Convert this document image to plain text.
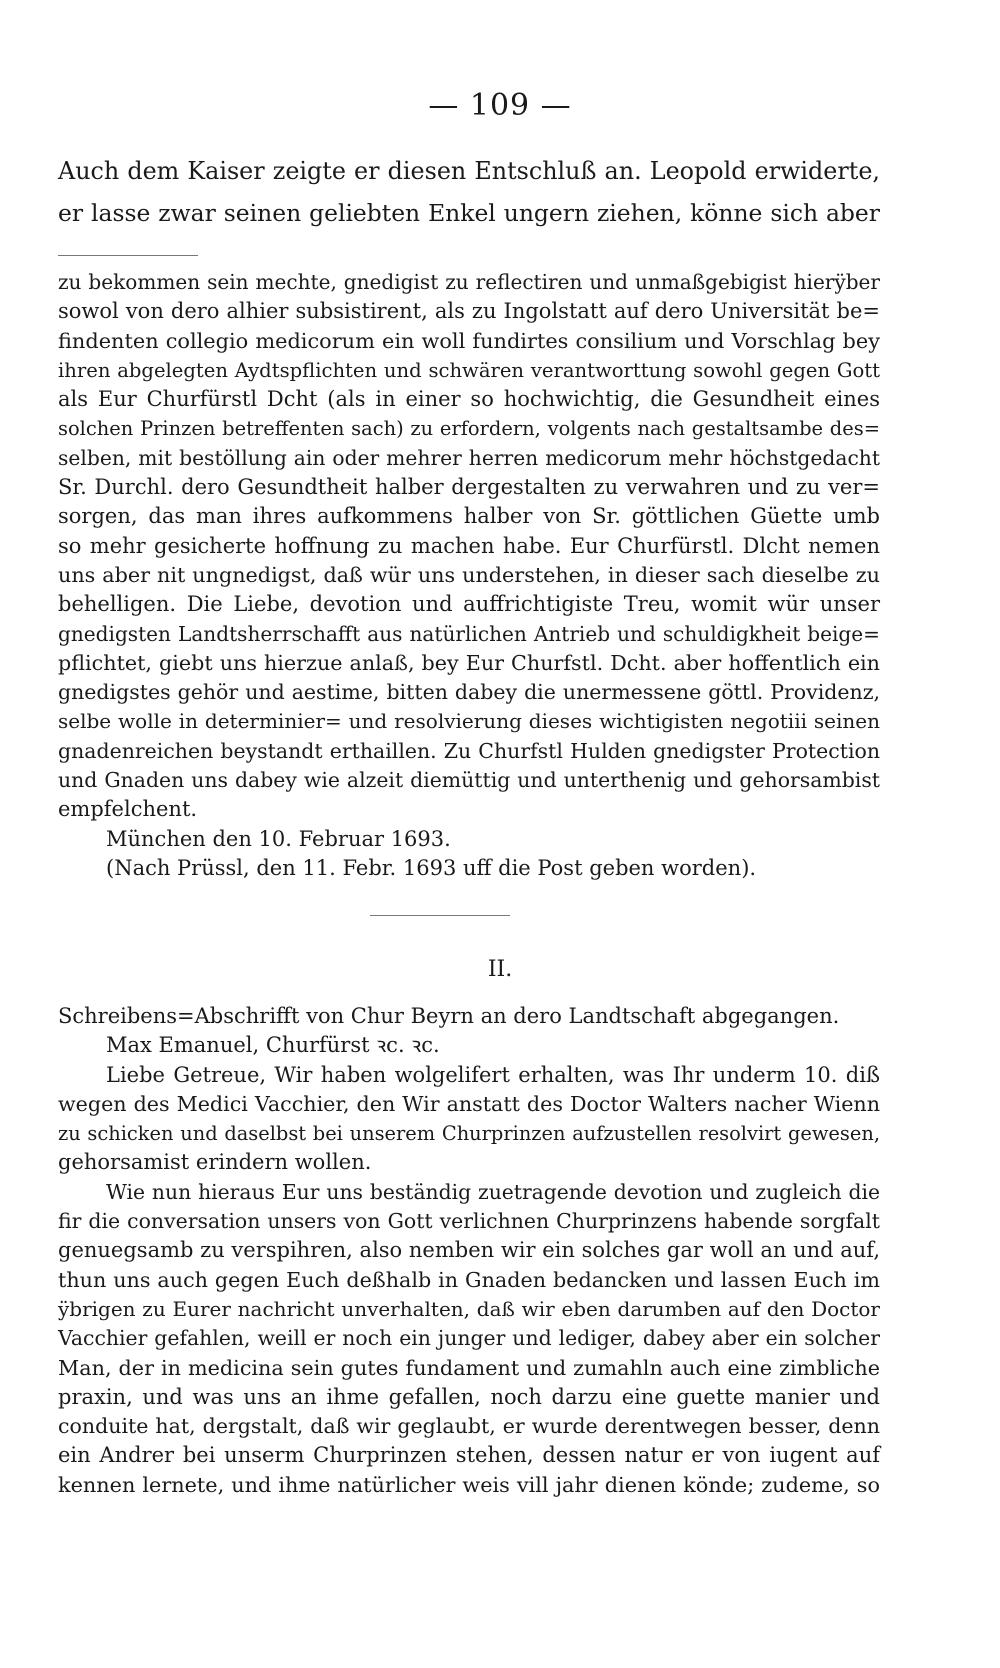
— 109 —
Auch dem Kaiser zeigte er diesen Entschluß an. Leopold erwiderte,
er lasse zwar seinen geliebten Enkel ungern ziehen, könne sich aber
zu bekommen sein mechte, gnedigist zu reflectiren und unmaßgebigist hierÿber
sowol von dero alhier subsistirent, als zu Ingolstatt auf dero Universität be=
findenten collegio medicorum ein woll fundirtes consilium und Vorschlag bey
ihren abgelegten Aydtspflichten und schwären verantworttung sowohl gegen Gott
als Eur Churfürstl Dcht (als in einer so hochwichtig, die Gesundheit eines
solchen Prinzen betreffenten sach) zu erfordern, volgents nach gestaltsambe des=
selben, mit bestöllung ain oder mehrer herren medicorum mehr höchstgedacht
Sr. Durchl. dero Gesundtheit halber dergestalten zu verwahren und zu ver=
sorgen, das man ihres aufkommens halber von Sr. göttlichen Güette umb
so mehr gesicherte hoffnung zu machen habe. Eur Churfürstl. Dlcht nemen
uns aber nit ungnedigst, daß wür uns understehen, in dieser sach dieselbe zu
behelligen. Die Liebe, devotion und auffrichtigiste Treu, womit wür unser
gnedigsten Landtsherrschafft aus natürlichen Antrieb und schuldigkheit beige=
pflichtet, giebt uns hierzue anlaß, bey Eur Churfstl. Dcht. aber hoffentlich ein
gnedigstes gehör und aestime, bitten dabey die unermessene göttl. Providenz,
selbe wolle in determinier= und resolvierung dieses wichtigisten negotiii seinen
gnadenreichen beystandt erthaillen. Zu Churfstl Hulden gnedigster Protection
und Gnaden uns dabey wie alzeit diemüttig und unterthenig und gehorsambist
empfelchent.
München den 10. Februar 1693.
(Nach Prüssl, den 11. Febr. 1693 uff die Post geben worden).
II.
Schreibens=Abschrifft von Chur Beyrn an dero Landtschaft abgegangen.
Max Emanuel, Churfürst ꝛc. ꝛc.
Liebe Getreue, Wir haben wolgelifert erhalten, was Ihr underm 10. diß
wegen des Medici Vacchier, den Wir anstatt des Doctor Walters nacher Wienn
zu schicken und daselbst bei unserem Churprinzen aufzustellen resolvirt gewesen,
gehorsamist erindern wollen.
Wie nun hieraus Eur uns beständig zuetragende devotion und zugleich die
fir die conversation unsers von Gott verlichnen Churprinzens habende sorgfalt
genuegsamb zu verspihren, also nemben wir ein solches gar woll an und auf,
thun uns auch gegen Euch deßhalb in Gnaden bedancken und lassen Euch im
ÿbrigen zu Eurer nachricht unverhalten, daß wir eben darumben auf den Doctor
Vacchier gefahlen, weill er noch ein junger und lediger, dabey aber ein solcher
Man, der in medicina sein gutes fundament und zumahln auch eine zimbliche
praxin, und was uns an ihme gefallen, noch darzu eine guette manier und
conduite hat, dergstalt, daß wir geglaubt, er wurde derentwegen besser, denn
ein Andrer bei unserm Churprinzen stehen, dessen natur er von iugent auf
kennen lernete, und ihme natürlicher weis vill jahr dienen könde; zudeme, so
